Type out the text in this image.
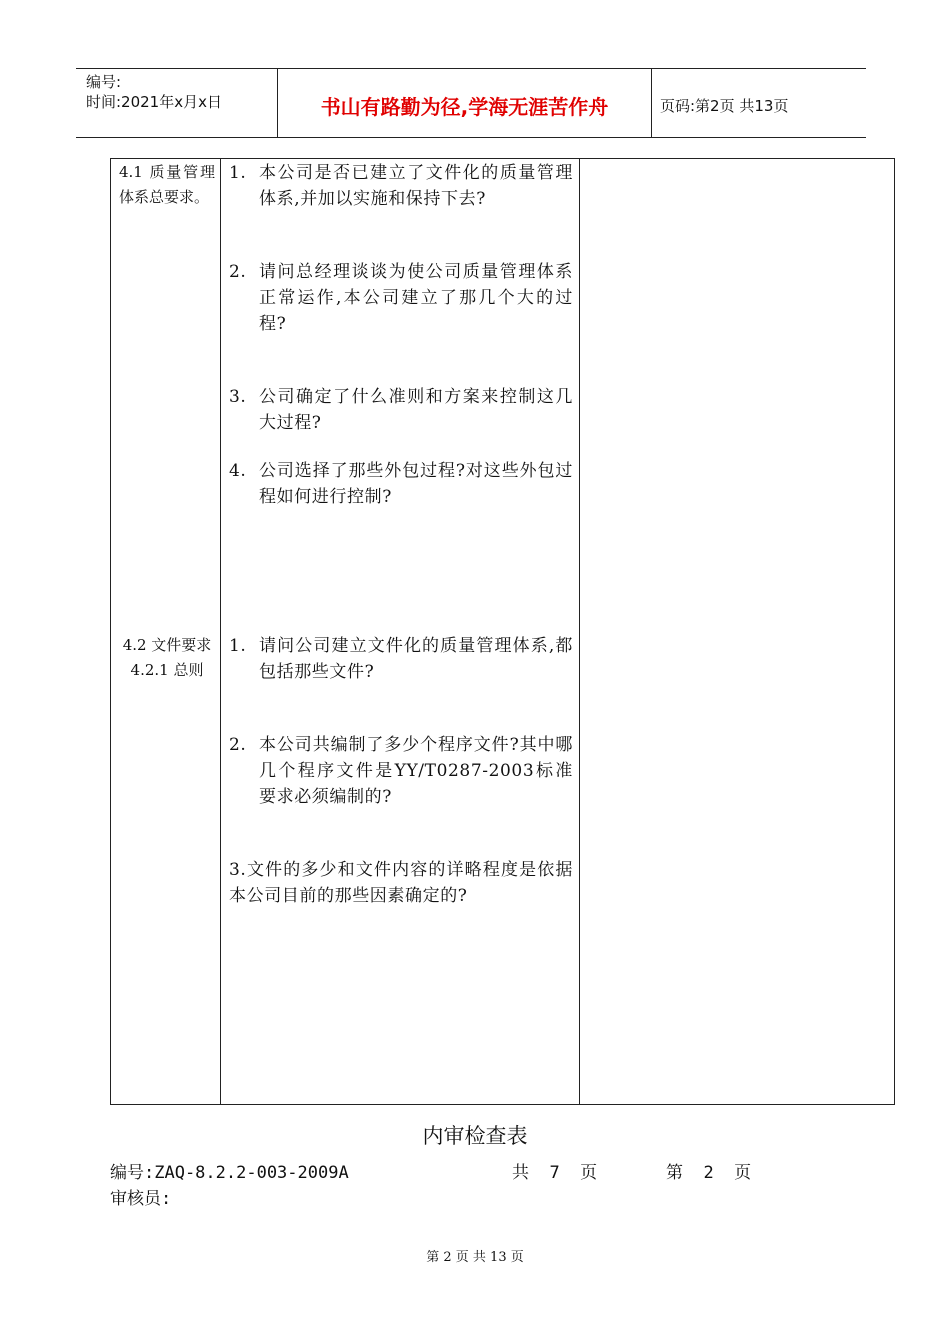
编号:
时间:2021年x月x日	书山有路勤为径,学海无涯苦作舟	页码:第2页 共13页
4.1 质量管理体系总要求。
1. 本公司是否已建立了文件化的质量管理体系,并加以实施和保持下去?
2. 请问总经理谈谈为使公司质量管理体系正常运作,本公司建立了那几个大的过程?
3. 公司确定了什么准则和方案来控制这几大过程?
4. 公司选择了那些外包过程?对这些外包过程如何进行控制?
4.2 文件要求
4.2.1 总则
1. 请问公司建立文件化的质量管理体系,都包括那些文件?
2. 本公司共编制了多少个程序文件?其中哪几个程序文件是YY/T0287-2003标准要求必须编制的?
3.文件的多少和文件内容的详略程度是依据本公司目前的那些因素确定的?
内审检查表
编号:ZAQ-8.2.2-003-2009A	共  7  页	第  2  页
审核员:
第 2 页 共 13 页
